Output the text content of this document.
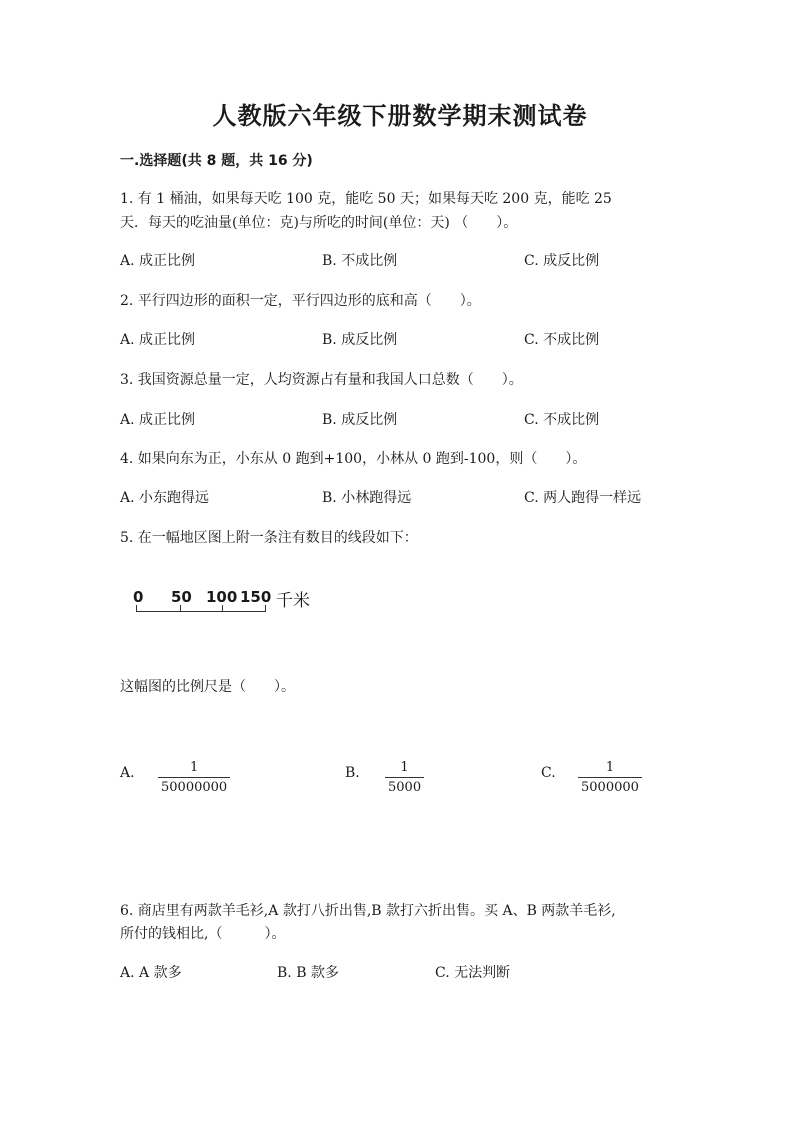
人教版六年级下册数学期末测试卷
一.选择题(共 8 题，共 16 分)
1. 有 1 桶油，如果每天吃 100 克，能吃 50 天；如果每天吃 200 克，能吃 25
天．每天的吃油量(单位：克)与所吃的时间(单位：天) （　　）。
A. 成正比例	B. 不成比例	C. 成反比例
2. 平行四边形的面积一定，平行四边形的底和高（　　）。
A. 成正比例	B. 成反比例	C. 不成比例
3. 我国资源总量一定，人均资源占有量和我国人口总数（　　）。
A. 成正比例	B. 成反比例	C. 不成比例
4. 如果向东为正，小东从 0 跑到+100，小林从 0 跑到-100，则（　　）。
A. 小东跑得远	B. 小林跑得远	C. 两人跑得一样远
5. 在一幅地区图上附一条注有数目的线段如下：
0 50 100 150 千米
这幅图的比例尺是（　　）。
A. $\frac{1}{50000000}$	B. $\frac{1}{5000}$	C. $\frac{1}{5000000}$
6. 商店里有两款羊毛衫,A 款打八折出售,B 款打六折出售。买 A、B 两款羊毛衫,
所付的钱相比,（　　　）。
A. A 款多	B. B 款多	C. 无法判断
